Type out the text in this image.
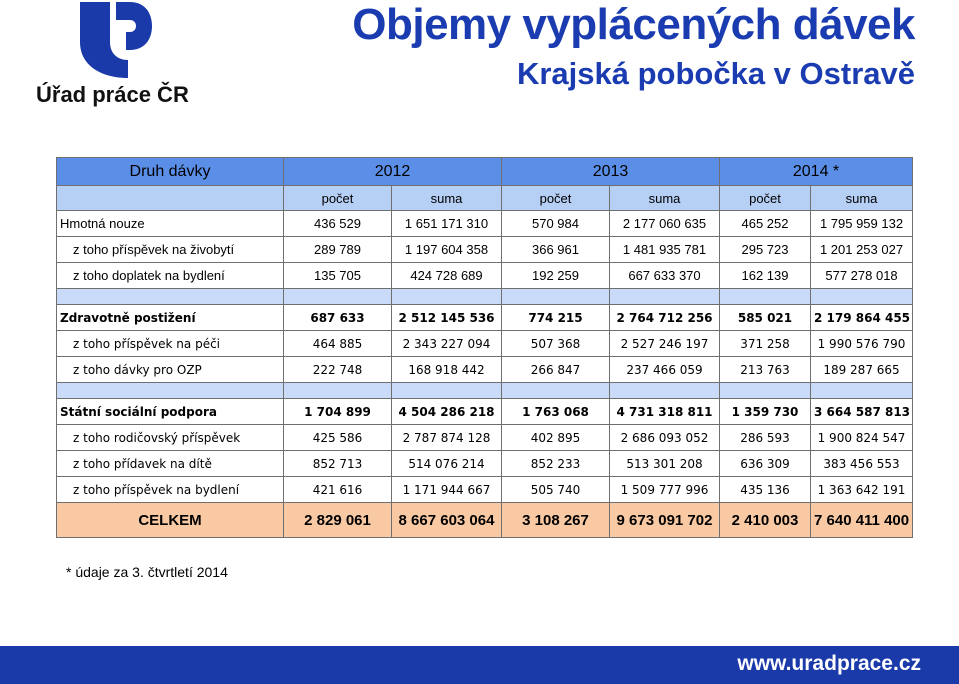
Úřad práce ČR
Objemy vyplácených dávek
Krajská pobočka v Ostravě
Druh dávky	2012		2013		2014 *	
	počet	suma	počet	suma	počet	suma
Hmotná nouze	436 529	1 651 171 310	570 984	2 177 060 635	465 252	1 795 959 132
z toho příspěvek na živobytí	289 789	1 197 604 358	366 961	1 481 935 781	295 723	1 201 253 027
z toho doplatek na bydlení	135 705	424 728 689	192 259	667 633 370	162 139	577 278 018

Zdravotně postižení	687 633	2 512 145 536	774 215	2 764 712 256	585 021	2 179 864 455
z toho příspěvek na péči	464 885	2 343 227 094	507 368	2 527 246 197	371 258	1 990 576 790
z toho dávky pro OZP	222 748	168 918 442	266 847	237 466 059	213 763	189 287 665

Státní sociální podpora	1 704 899	4 504 286 218	1 763 068	4 731 318 811	1 359 730	3 664 587 813
z toho rodičovský příspěvek	425 586	2 787 874 128	402 895	2 686 093 052	286 593	1 900 824 547
z toho přídavek na dítě	852 713	514 076 214	852 233	513 301 208	636 309	383 456 553
z toho příspěvek na bydlení	421 616	1 171 944 667	505 740	1 509 777 996	435 136	1 363 642 191
CELKEM	2 829 061	8 667 603 064	3 108 267	9 673 091 702	2 410 003	7 640 411 400
* údaje za 3. čtvrtletí 2014
www.uradprace.cz
